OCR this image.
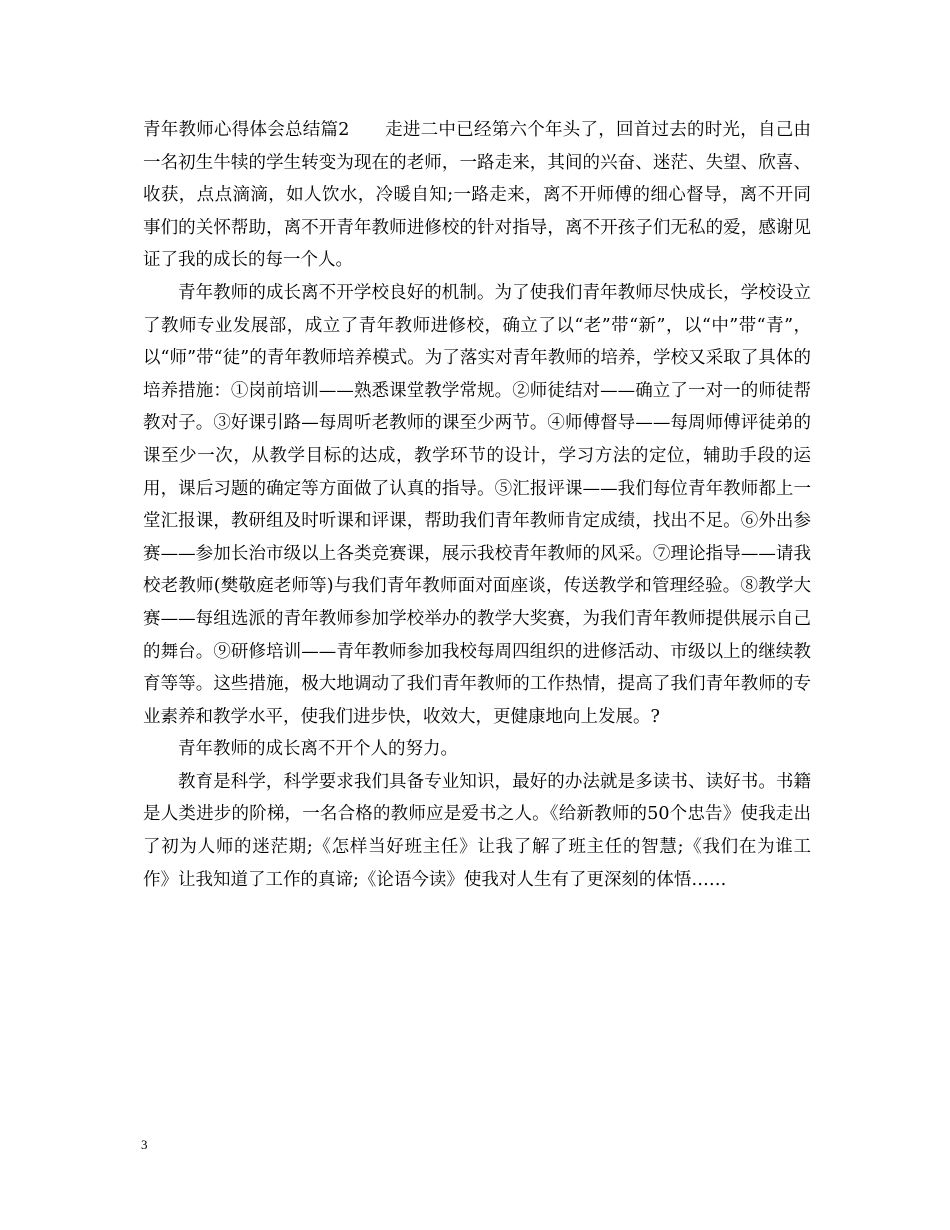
青年教师心得体会总结篇2　　走进二中已经第六个年头了，回首过去的时光，自己由一名初生牛犊的学生转变为现在的老师，一路走来，其间的兴奋、迷茫、失望、欣喜、收获，点点滴滴，如人饮水，冷暖自知;一路走来，离不开师傅的细心督导，离不开同事们的关怀帮助，离不开青年教师进修校的针对指导，离不开孩子们无私的爱，感谢见证了我的成长的每一个人。

青年教师的成长离不开学校良好的机制。为了使我们青年教师尽快成长，学校设立了教师专业发展部，成立了青年教师进修校，确立了以“老”带“新”，以“中”带“青”，以“师”带“徒”的青年教师培养模式。为了落实对青年教师的培养，学校又采取了具体的培养措施：①岗前培训——熟悉课堂教学常规。②师徒结对——确立了一对一的师徒帮教对子。③好课引路—每周听老教师的课至少两节。④师傅督导——每周师傅评徒弟的课至少一次，从教学目标的达成，教学环节的设计，学习方法的定位，辅助手段的运用，课后习题的确定等方面做了认真的指导。⑤汇报评课——我们每位青年教师都上一堂汇报课，教研组及时听课和评课，帮助我们青年教师肯定成绩，找出不足。⑥外出参赛——参加长治市级以上各类竞赛课，展示我校青年教师的风采。⑦理论指导——请我校老教师(樊敬庭老师等)与我们青年教师面对面座谈，传送教学和管理经验。⑧教学大赛——每组选派的青年教师参加学校举办的教学大奖赛，为我们青年教师提供展示自己的舞台。⑨研修培训——青年教师参加我校每周四组织的进修活动、市级以上的继续教育等等。这些措施，极大地调动了我们青年教师的工作热情，提高了我们青年教师的专业素养和教学水平，使我们进步快，收效大，更健康地向上发展。?

青年教师的成长离不开个人的努力。

教育是科学，科学要求我们具备专业知识，最好的办法就是多读书、读好书。书籍是人类进步的阶梯，一名合格的教师应是爱书之人。《给新教师的50个忠告》使我走出了初为人师的迷茫期;《怎样当好班主任》让我了解了班主任的智慧;《我们在为谁工作》让我知道了工作的真谛;《论语今读》使我对人生有了更深刻的体悟……

3
